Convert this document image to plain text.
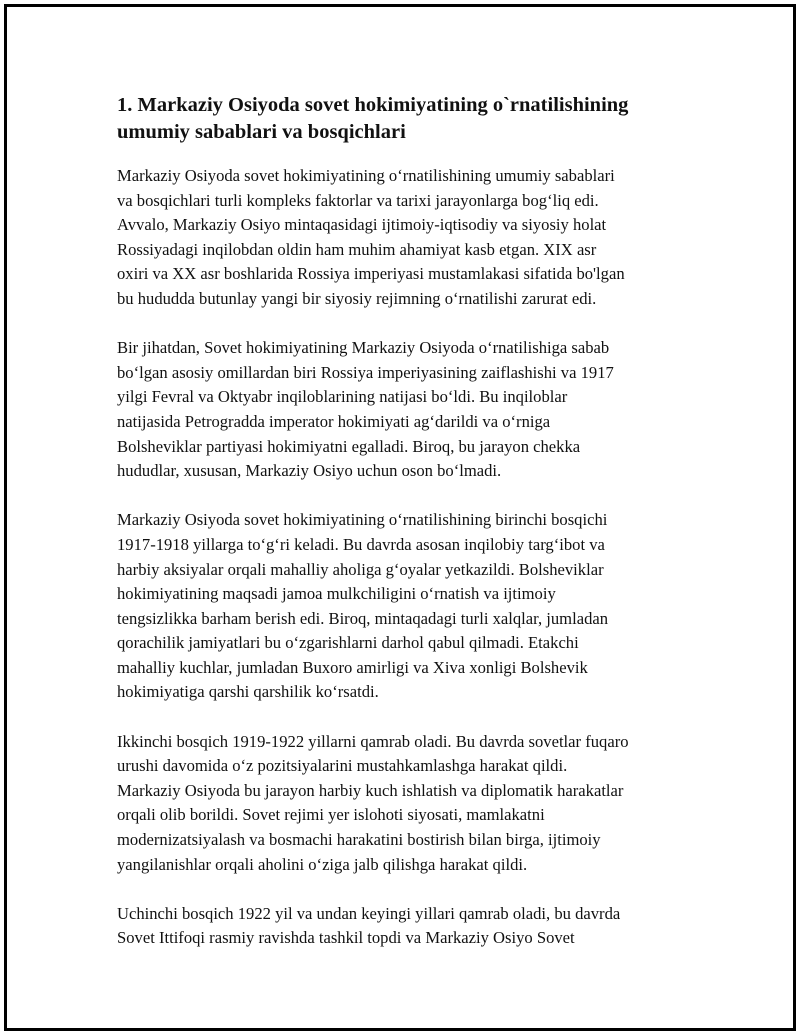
1. Markaziy Osiyoda sovet hokimiyatining o`rnatilishining
umumiy sabablari va bosqichlari

Markaziy Osiyoda sovet hokimiyatining o‘rnatilishining umumiy sabablari
va bosqichlari turli kompleks faktorlar va tarixi jarayonlarga bog‘liq edi.
Avvalo, Markaziy Osiyo mintaqasidagi ijtimoiy-iqtisodiy va siyosiy holat
Rossiyadagi inqilobdan oldin ham muhim ahamiyat kasb etgan. XIX asr
oxiri va XX asr boshlarida Rossiya imperiyasi mustamlakasi sifatida bo'lgan
bu hududda butunlay yangi bir siyosiy rejimning o‘rnatilishi zarurat edi.

Bir jihatdan, Sovet hokimiyatining Markaziy Osiyoda o‘rnatilishiga sabab
bo‘lgan asosiy omillardan biri Rossiya imperiyasining zaiflashishi va 1917
yilgi Fevral va Oktyabr inqiloblarining natijasi bo‘ldi. Bu inqiloblar
natijasida Petrogradda imperator hokimiyati ag‘darildi va o‘rniga
Bolsheviklar partiyasi hokimiyatni egalladi. Biroq, bu jarayon chekka
hududlar, xususan, Markaziy Osiyo uchun oson bo‘lmadi.

Markaziy Osiyoda sovet hokimiyatining o‘rnatilishining birinchi bosqichi
1917-1918 yillarga to‘g‘ri keladi. Bu davrda asosan inqilobiy targ‘ibot va
harbiy aksiyalar orqali mahalliy aholiga g‘oyalar yetkazildi. Bolsheviklar
hokimiyatining maqsadi jamoa mulkchiligini o‘rnatish va ijtimoiy
tengsizlikka barham berish edi. Biroq, mintaqadagi turli xalqlar, jumladan
qorachilik jamiyatlari bu o‘zgarishlarni darhol qabul qilmadi. Etakchi
mahalliy kuchlar, jumladan Buxoro amirligi va Xiva xonligi Bolshevik
hokimiyatiga qarshi qarshilik ko‘rsatdi.

Ikkinchi bosqich 1919-1922 yillarni qamrab oladi. Bu davrda sovetlar fuqaro
urushi davomida o‘z pozitsiyalarini mustahkamlashga harakat qildi.
Markaziy Osiyoda bu jarayon harbiy kuch ishlatish va diplomatik harakatlar
orqali olib borildi. Sovet rejimi yer islohoti siyosati, mamlakatni
modernizatsiyalash va bosmachi harakatini bostirish bilan birga, ijtimoiy
yangilanishlar orqali aholini o‘ziga jalb qilishga harakat qildi.

Uchinchi bosqich 1922 yil va undan keyingi yillari qamrab oladi, bu davrda
Sovet Ittifoqi rasmiy ravishda tashkil topdi va Markaziy Osiyo Sovet
